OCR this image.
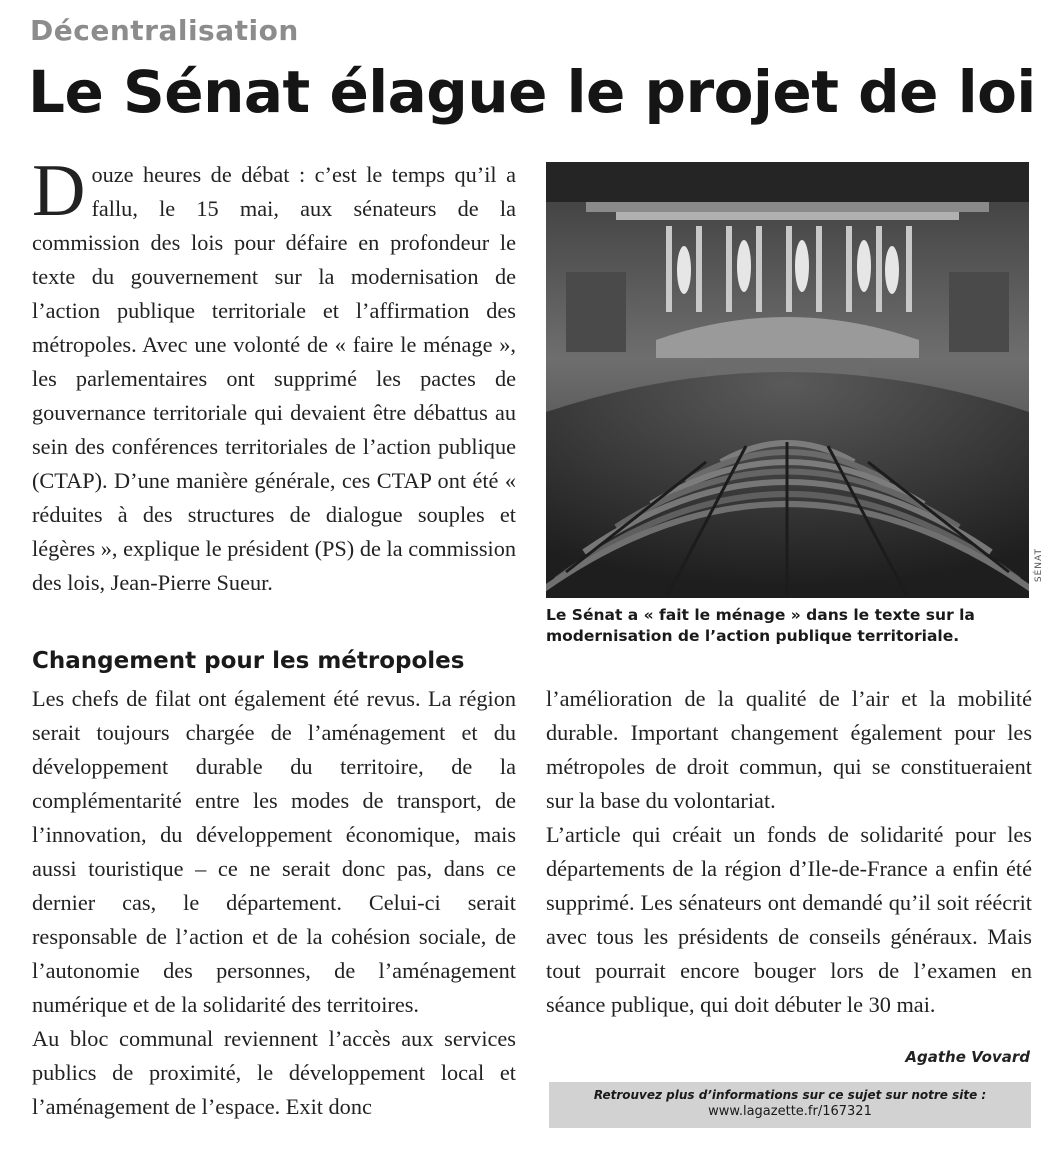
Décentralisation
Le Sénat élague le projet de loi

Douze heures de débat : c’est le temps qu’il a fallu, le 15 mai, aux sénateurs de la commission des lois pour défaire en profondeur le texte du gouvernement sur la modernisation de l’action publique territoriale et l’affirmation des métropoles. Avec une volonté de « faire le ménage », les parlementaires ont supprimé les pactes de gouvernance territoriale qui devaient être débattus au sein des conférences territoriales de l’action publique (CTAP). D’une manière générale, ces CTAP ont été « réduites à des structures de dialogue souples et légères », explique le président (PS) de la commission des lois, Jean-Pierre Sueur.

SÉNAT
Le Sénat a « fait le ménage » dans le texte sur la modernisation de l’action publique territoriale.
Changement pour les métropoles

Les chefs de filat ont également été revus. La région serait toujours chargée de l’aménagement et du développement durable du territoire, de la complémentarité entre les modes de transport, de l’innovation, du développement économique, mais aussi touristique – ce ne serait donc pas, dans ce dernier cas, le département. Celui-ci serait responsable de l’action et de la cohésion sociale, de l’autonomie des personnes, de l’aménagement numérique et de la solidarité des territoires.

Au bloc communal reviennent l’accès aux services publics de proximité, le développement local et l’aménagement de l’espace. Exit donc

l’amélioration de la qualité de l’air et la mobilité durable. Important changement également pour les métropoles de droit commun, qui se constitueraient sur la base du volontariat.

L’article qui créait un fonds de solidarité pour les départements de la région d’Ile-de-France a enfin été supprimé. Les sénateurs ont demandé qu’il soit réécrit avec tous les présidents de conseils généraux. Mais tout pourrait encore bouger lors de l’examen en séance publique, qui doit débuter le 30 mai.

Agathe Vovard
Retrouvez plus d’informations sur ce sujet sur notre site :
www.lagazette.fr/167321
